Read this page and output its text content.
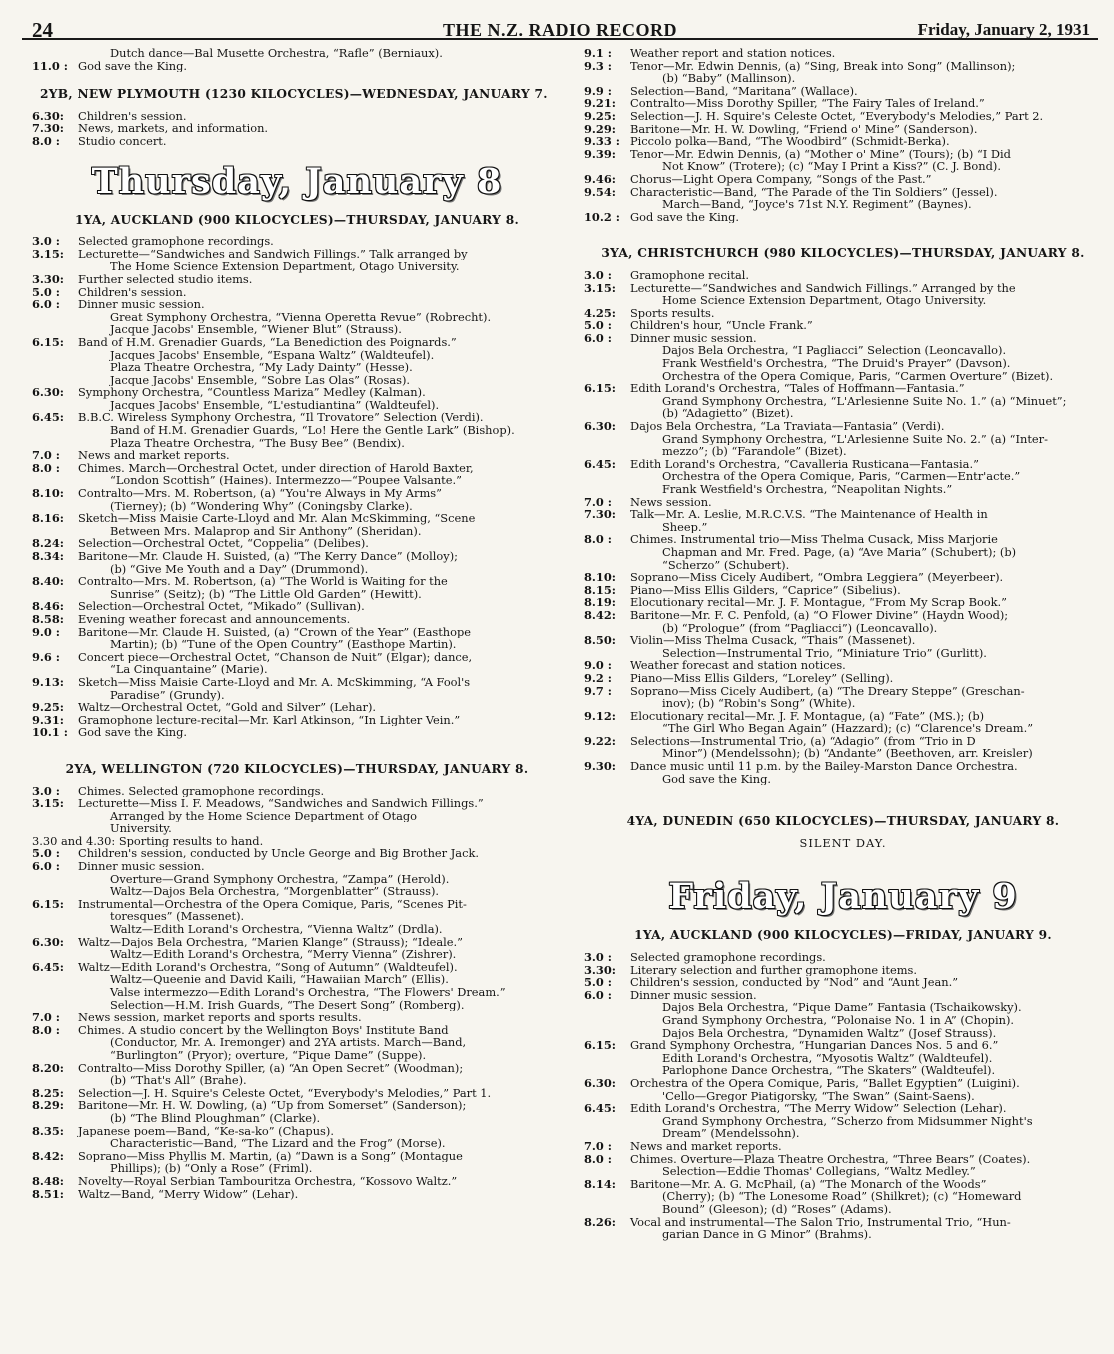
24	THE N.Z. RADIO RECORD	Friday, January 2, 1931
Dutch dance—Bal Musette Orchestra, “Rafle” (Berniaux).
11.0 : God save the King.
2YB, NEW PLYMOUTH (1230 KILOCYCLES)—WEDNESDAY, JANUARY 7.
6.30: Children's session.
7.30: News, markets, and information.
8.0 : Studio concert.
Thursday, January 8
1YA, AUCKLAND (900 KILOCYCLES)—THURSDAY, JANUARY 8.
3.0 : Selected gramophone recordings.
3.15: Lecturette—“Sandwiches and Sandwich Fillings.” Talk arranged by
The Home Science Extension Department, Otago University.
3.30: Further selected studio items.
5.0 : Children's session.
6.0 : Dinner music session.
Great Symphony Orchestra, “Vienna Operetta Revue” (Robrecht).
Jacque Jacobs' Ensemble, “Wiener Blut” (Strauss).
6.15: Band of H.M. Grenadier Guards, “La Benediction des Poignards.”
Jacques Jacobs' Ensemble, “Espana Waltz” (Waldteufel).
Plaza Theatre Orchestra, “My Lady Dainty” (Hesse).
Jacque Jacobs' Ensemble, “Sobre Las Olas” (Rosas).
6.30: Symphony Orchestra, “Countless Mariza” Medley (Kalman).
Jacques Jacobs' Ensemble, “L'estudiantina” (Waldteufel).
6.45: B.B.C. Wireless Symphony Orchestra, “Il Trovatore” Selection (Verdi).
Band of H.M. Grenadier Guards, “Lo! Here the Gentle Lark” (Bishop).
Plaza Theatre Orchestra, “The Busy Bee” (Bendix).
7.0 : News and market reports.
8.0 : Chimes. March—Orchestral Octet, under direction of Harold Baxter,
“London Scottish” (Haines). Intermezzo—“Poupee Valsante.”
8.10: Contralto—Mrs. M. Robertson, (a) “You're Always in My Arms”
(Tierney); (b) “Wondering Why” (Coningsby Clarke).
8.16: Sketch—Miss Maisie Carte-Lloyd and Mr. Alan McSkimming, “Scene
Between Mrs. Malaprop and Sir Anthony” (Sheridan).
8.24: Selection—Orchestral Octet, “Coppelia” (Delibes).
8.34: Baritone—Mr. Claude H. Suisted, (a) “The Kerry Dance” (Molloy);
(b) “Give Me Youth and a Day” (Drummond).
8.40: Contralto—Mrs. M. Robertson, (a) “The World is Waiting for the
Sunrise” (Seitz); (b) “The Little Old Garden” (Hewitt).
8.46: Selection—Orchestral Octet, “Mikado” (Sullivan).
8.58: Evening weather forecast and announcements.
9.0 : Baritone—Mr. Claude H. Suisted, (a) “Crown of the Year” (Easthope
Martin); (b) “Tune of the Open Country” (Easthope Martin).
9.6 : Concert piece—Orchestral Octet, “Chanson de Nuit” (Elgar); dance,
“La Cinquantaine” (Marie).
9.13: Sketch—Miss Maisie Carte-Lloyd and Mr. A. McSkimming, “A Fool's
Paradise” (Grundy).
9.25: Waltz—Orchestral Octet, “Gold and Silver” (Lehar).
9.31: Gramophone lecture-recital—Mr. Karl Atkinson, “In Lighter Vein.”
10.1 : God save the King.
2YA, WELLINGTON (720 KILOCYCLES)—THURSDAY, JANUARY 8.
3.0 : Chimes. Selected gramophone recordings.
3.15: Lecturette—Miss I. F. Meadows, “Sandwiches and Sandwich Fillings.”
Arranged by the Home Science Department of Otago
University.
3.30 and 4.30: Sporting results to hand.
5.0 : Children's session, conducted by Uncle George and Big Brother Jack.
6.0 : Dinner music session.
Overture—Grand Symphony Orchestra, “Zampa” (Herold).
Waltz—Dajos Bela Orchestra, “Morgenblatter” (Strauss).
6.15: Instrumental—Orchestra of the Opera Comique, Paris, “Scenes Pit-
toresques” (Massenet).
Waltz—Edith Lorand's Orchestra, “Vienna Waltz” (Drdla).
6.30: Waltz—Dajos Bela Orchestra, “Marien Klange” (Strauss); “Ideale.”
Waltz—Edith Lorand's Orchestra, “Merry Vienna” (Zishrer).
6.45: Waltz—Edith Lorand's Orchestra, “Song of Autumn” (Waldteufel).
Waltz—Queenie and David Kaili, “Hawaiian March” (Ellis).
Valse intermezzo—Edith Lorand's Orchestra, “The Flowers' Dream.”
Selection—H.M. Irish Guards, “The Desert Song” (Romberg).
7.0 : News session, market reports and sports results.
8.0 : Chimes. A studio concert by the Wellington Boys' Institute Band
(Conductor, Mr. A. Iremonger) and 2YA artists. March—Band,
“Burlington” (Pryor); overture, “Pique Dame” (Suppe).
8.20: Contralto—Miss Dorothy Spiller, (a) “An Open Secret” (Woodman);
(b) “That's All” (Brahe).
8.25: Selection—J. H. Squire's Celeste Octet, “Everybody's Melodies,” Part 1.
8.29: Baritone—Mr. H. W. Dowling, (a) “Up from Somerset” (Sanderson);
(b) “The Blind Ploughman” (Clarke).
8.35: Japanese poem—Band, “Ke-sa-ko” (Chapus).
Characteristic—Band, “The Lizard and the Frog” (Morse).
8.42: Soprano—Miss Phyllis M. Martin, (a) “Dawn is a Song” (Montague
Phillips); (b) “Only a Rose” (Friml).
8.48: Novelty—Royal Serbian Tambouritza Orchestra, “Kossovo Waltz.”
8.51: Waltz—Band, “Merry Widow” (Lehar).
9.1 : Weather report and station notices.
9.3 : Tenor—Mr. Edwin Dennis, (a) “Sing, Break into Song” (Mallinson);
(b) “Baby” (Mallinson).
9.9 : Selection—Band, “Maritana” (Wallace).
9.21: Contralto—Miss Dorothy Spiller, “The Fairy Tales of Ireland.”
9.25: Selection—J. H. Squire's Celeste Octet, “Everybody's Melodies,” Part 2.
9.29: Baritone—Mr. H. W. Dowling, “Friend o' Mine” (Sanderson).
9.33 : Piccolo polka—Band, “The Woodbird” (Schmidt-Berka).
9.39: Tenor—Mr. Edwin Dennis, (a) “Mother o' Mine” (Tours); (b) “I Did
Not Know” (Trotere); (c) “May I Print a Kiss?” (C. J. Bond).
9.46: Chorus—Light Opera Company, “Songs of the Past.”
9.54: Characteristic—Band, “The Parade of the Tin Soldiers” (Jessel).
March—Band, “Joyce's 71st N.Y. Regiment” (Baynes).
10.2 : God save the King.
3YA, CHRISTCHURCH (980 KILOCYCLES)—THURSDAY, JANUARY 8.
3.0 : Gramophone recital.
3.15: Lecturette—“Sandwiches and Sandwich Fillings.” Arranged by the
Home Science Extension Department, Otago University.
4.25: Sports results.
5.0 : Children's hour, “Uncle Frank.”
6.0 : Dinner music session.
Dajos Bela Orchestra, “I Pagliacci” Selection (Leoncavallo).
Frank Westfield's Orchestra, “The Druid's Prayer” (Davson).
Orchestra of the Opera Comique, Paris, “Carmen Overture” (Bizet).
6.15: Edith Lorand's Orchestra, “Tales of Hoffmann—Fantasia.”
Grand Symphony Orchestra, “L'Arlesienne Suite No. 1.” (a) “Minuet”;
(b) “Adagietto” (Bizet).
6.30: Dajos Bela Orchestra, “La Traviata—Fantasia” (Verdi).
Grand Symphony Orchestra, “L'Arlesienne Suite No. 2.” (a) “Inter-
mezzo”; (b) “Farandole” (Bizet).
6.45: Edith Lorand's Orchestra, “Cavalleria Rusticana—Fantasia.”
Orchestra of the Opera Comique, Paris, “Carmen—Entr'acte.”
Frank Westfield's Orchestra, “Neapolitan Nights.”
7.0 : News session.
7.30: Talk—Mr. A. Leslie, M.R.C.V.S. “The Maintenance of Health in
Sheep.”
8.0 : Chimes. Instrumental trio—Miss Thelma Cusack, Miss Marjorie
Chapman and Mr. Fred. Page, (a) “Ave Maria” (Schubert); (b)
“Scherzo” (Schubert).
8.10: Soprano—Miss Cicely Audibert, “Ombra Leggiera” (Meyerbeer).
8.15: Piano—Miss Ellis Gilders, “Caprice” (Sibelius).
8.19: Elocutionary recital—Mr. J. F. Montague, “From My Scrap Book.”
8.42: Baritone—Mr. F. C. Penfold, (a) “O Flower Divine” (Haydn Wood);
(b) “Prologue” (from “Pagliacci”) (Leoncavallo).
8.50: Violin—Miss Thelma Cusack, “Thais” (Massenet).
Selection—Instrumental Trio, “Miniature Trio” (Gurlitt).
9.0 : Weather forecast and station notices.
9.2 : Piano—Miss Ellis Gilders, “Loreley” (Selling).
9.7 : Soprano—Miss Cicely Audibert, (a) “The Dreary Steppe” (Greschan-
inov); (b) “Robin's Song” (White).
9.12: Elocutionary recital—Mr. J. F. Montague, (a) “Fate” (MS.); (b)
“The Girl Who Began Again” (Hazzard); (c) “Clarence's Dream.”
9.22: Selections—Instrumental Trio, (a) “Adagio” (from “Trio in D
Minor”) (Mendelssohn); (b) “Andante” (Beethoven, arr. Kreisler)
9.30: Dance music until 11 p.m. by the Bailey-Marston Dance Orchestra.
God save the King.
4YA, DUNEDIN (650 KILOCYCLES)—THURSDAY, JANUARY 8.
SILENT DAY.
Friday, January 9
1YA, AUCKLAND (900 KILOCYCLES)—FRIDAY, JANUARY 9.
3.0 : Selected gramophone recordings.
3.30: Literary selection and further gramophone items.
5.0 : Children's session, conducted by “Nod” and “Aunt Jean.”
6.0 : Dinner music session.
Dajos Bela Orchestra, “Pique Dame” Fantasia (Tschaikowsky).
Grand Symphony Orchestra, “Polonaise No. 1 in A” (Chopin).
Dajos Bela Orchestra, “Dynamiden Waltz” (Josef Strauss).
6.15: Grand Symphony Orchestra, “Hungarian Dances Nos. 5 and 6.”
Edith Lorand's Orchestra, “Myosotis Waltz” (Waldteufel).
Parlophone Dance Orchestra, “The Skaters” (Waldteufel).
6.30: Orchestra of the Opera Comique, Paris, “Ballet Egyptien” (Luigini).
'Cello—Gregor Piatigorsky, “The Swan” (Saint-Saens).
6.45: Edith Lorand's Orchestra, “The Merry Widow” Selection (Lehar).
Grand Symphony Orchestra, “Scherzo from Midsummer Night's
Dream” (Mendelssohn).
7.0 : News and market reports.
8.0 : Chimes. Overture—Plaza Theatre Orchestra, “Three Bears” (Coates).
Selection—Eddie Thomas' Collegians, “Waltz Medley.”
8.14: Baritone—Mr. A. G. McPhail, (a) “The Monarch of the Woods”
(Cherry); (b) “The Lonesome Road” (Shilkret); (c) “Homeward
Bound” (Gleeson); (d) “Roses” (Adams).
8.26: Vocal and instrumental—The Salon Trio, Instrumental Trio, “Hun-
garian Dance in G Minor” (Brahms).
